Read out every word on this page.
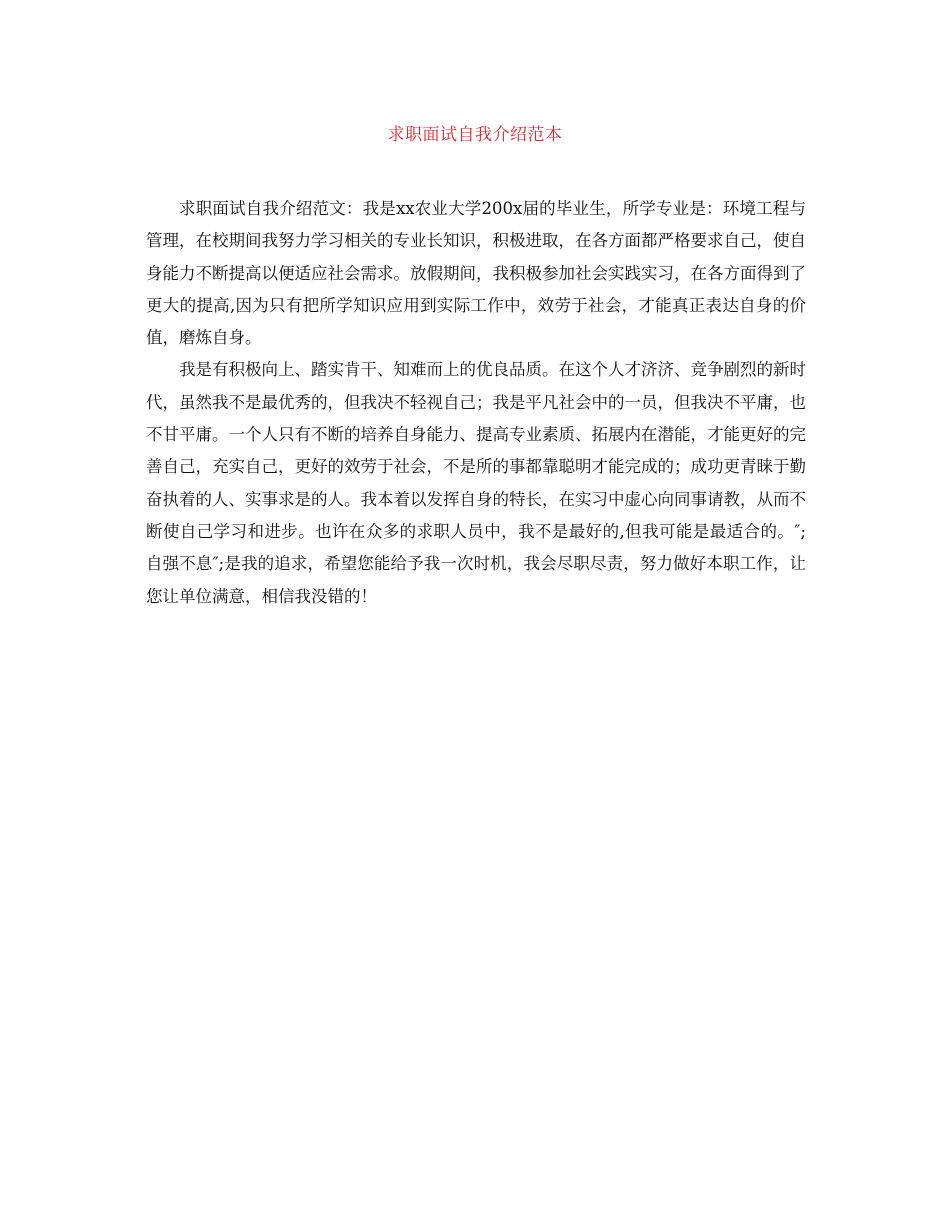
求职面试自我介绍范本

求职面试自我介绍范文：我是xx农业大学200x届的毕业生，所学专业是：环境工程与管理，在校期间我努力学习相关的专业长知识，积极进取，在各方面都严格要求自己，使自身能力不断提高以便适应社会需求。放假期间，我积极参加社会实践实习，在各方面得到了更大的提高,因为只有把所学知识应用到实际工作中，效劳于社会，才能真正表达自身的价值，磨炼自身。

我是有积极向上、踏实肯干、知难而上的优良品质。在这个人才济济、竞争剧烈的新时代，虽然我不是最优秀的，但我决不轻视自己；我是平凡社会中的一员，但我决不平庸，也不甘平庸。一个人只有不断的培养自身能力、提高专业素质、拓展内在潜能，才能更好的完善自己，充实自己，更好的效劳于社会，不是所的事都靠聪明才能完成的；成功更青睐于勤奋执着的人、实事求是的人。我本着以发挥自身的特长，在实习中虚心向同事请教，从而不断使自己学习和进步。也许在众多的求职人员中，我不是最好的,但我可能是最适合的。″;自强不息″;是我的追求，希望您能给予我一次时机，我会尽职尽责，努力做好本职工作，让您让单位满意，相信我没错的！
